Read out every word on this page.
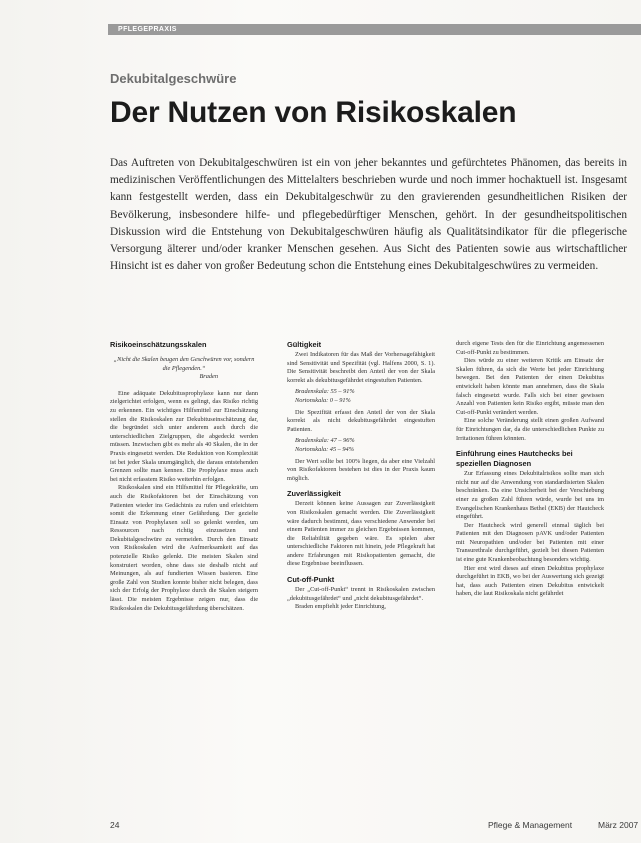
PFLEGEPRAXIS
Dekubitalgeschwüre
Der Nutzen von Risikoskalen
Das Auftreten von Dekubitalgeschwüren ist ein von jeher bekanntes und gefürchtetes Phänomen, das bereits in medizinischen Veröffentlichungen des Mittelalters beschrieben wurde und noch immer hochaktuell ist. Insgesamt kann festgestellt werden, dass ein Dekubitalgeschwür zu den gravierenden gesundheitlichen Risiken der Bevölkerung, insbesondere hilfe- und pflegebedürftiger Menschen, gehört. In der gesundheitspolitischen Diskussion wird die Entstehung von Dekubitalgeschwüren häufig als Qualitätsindikator für die pflegerische Versorgung älterer und/oder kranker Menschen gesehen. Aus Sicht des Patienten sowie aus wirtschaftlicher Hinsicht ist es daher von großer Bedeutung schon die Entstehung eines Dekubitalgeschwüres zu vermeiden.
Risikoeinschätzungsskalen
„Nicht die Skalen beugen den Geschwüren vor, sondern die Pflegenden.“
Braden

Eine adäquate Dekubitusprophylaxe kann nur dann zielgerichtet erfolgen, wenn es gelingt, das Risiko richtig zu erkennen. Ein wichtiges Hilfsmittel zur Einschätzung stellen die Risikoskalen zur Dekubituseinschätzung dar, die begründet sich unter anderem auch durch die unterschiedlichen Zielgruppen, die abgedeckt werden müssen. Inzwischen gibt es mehr als 40 Skalen, die in der Praxis eingesetzt werden. Die Reduktion von Komplexität ist bei jeder Skala unumgänglich, die daraus entstehenden Grenzen sollte man kennen. Die Prophylaxe muss auch bei nicht erfasstem Risiko weiterhin erfolgen.

Risikoskalen sind ein Hilfsmittel für Pflegekräfte, um auch die Risikofaktoren bei der Einschätzung von Patienten wieder ins Gedächtnis zu rufen und erleichtern somit die Erkennung einer Gefährdung. Der gezielte Einsatz von Prophylaxen soll so gelenkt werden, um Ressourcen nach richtig einzusetzen und Dekubitalgeschwüre zu vermeiden. Durch den Einsatz von Risikoskalen wird die Aufmerksamkeit auf das potenzielle Risiko gelenkt. Die meisten Skalen sind konstruiert worden, ohne dass sie deshalb nicht auf Meinungen, als auf fundierten Wissen basieren. Eine große Zahl von Studien konnte bisher nicht belegen, dass sich der Erfolg der Prophylaxe durch die Skalen steigern lässt. Die meisten Ergebnisse zeigen nur, dass die Risikoskalen die Dekubitusgefährdung überschätzen.

Gültigkeit

Zwei Indikatoren für das Maß der Vorhersagefähigkeit sind Sensitivität und Spezifität (vgl. Halfens 2000, S. 1). Die Sensitivität beschreibt den Anteil der von der Skala korrekt als dekubitusgefährdet eingestuften Patienten.

Bradenskala: 55 – 91%
Nortonskala: 0 – 91%

Die Spezifität erfasst den Anteil der von der Skala korrekt als nicht dekubitusgefährdet eingestuften Patienten.

Bradenskala: 47 – 96%
Nortonskala: 45 – 94%

Der Wert sollte bei 100% liegen, da aber eine Vielzahl von Risikofaktoren bestehen ist dies in der Praxis kaum möglich.

Zuverlässigkeit

Derzeit können keine Aussagen zur Zuverlässigkeit von Risikoskalen gemacht werden. Die Zuverlässigkeit wäre dadurch bestimmt, dass verschiedene Anwender bei einem Patienten immer zu gleichen Ergebnissen kommen, die Reliabilität gegeben wäre. Es spielen aber unterschiedliche Faktoren mit hinein, jede Pflegekraft hat andere Erfahrungen mit Risikopatienten gemacht, die diese Ergebnisse beeinflussen.

Cut-off-Punkt

Der „Cut-off-Punkt“ trennt in Risikoskalen zwischen „dekubitusgefährdet“ und „nicht dekubitusgefährdet“.

Braden empfiehlt jeder Einrichtung,

durch eigene Tests den für die Einrichtung angemessenen Cut-off-Punkt zu bestimmen.

Dies würde zu einer weiteren Kritik am Einsatz der Skalen führen, da sich die Werte bei jeder Einrichtung bewegen. Bei den Patienten der einen Dekubitus entwickelt haben könnte man annehmen, dass die Skala falsch eingesetzt wurde. Falls sich bei einer gewissen Anzahl von Patienten kein Risiko ergibt, müsste man den Cut-off-Punkt verändert werden.

Eine solche Veränderung stellt einen großen Aufwand für Einrichtungen dar, da die unterschiedlichen Punkte zu Irritationen führen könnten.

Einführung eines Hautchecks bei speziellen Diagnosen

Zur Erfassung eines Dekubitalrisikos sollte man sich nicht nur auf die Anwendung von standardisierten Skalen beschränken. Da eine Unsicherheit bei der Verschiebung einer zu großen Zahl führen würde, wurde bei uns im Evangelischen Krankenhaus Bethel (EKB) der Hautcheck eingeführt.

Der Hautcheck wird generell einmal täglich bei Patienten mit den Diagnosen pAVK und/oder Patienten mit Neuropathien und/oder bei Patienten mit einer Transurethrale durchgeführt, gezielt bei diesen Patienten ist eine gute Krankenbeobachtung besonders wichtig.

Hier erst wird dieses auf einen Dekubitus prophylaxe durchgeführt in EKB, wo bei der Auswertung sich gezeigt hat, dass auch Patienten einen Dekubitus entwickelt haben, die laut Risikoskala nicht gefährdet

24	Pflege & Management	März 2007
